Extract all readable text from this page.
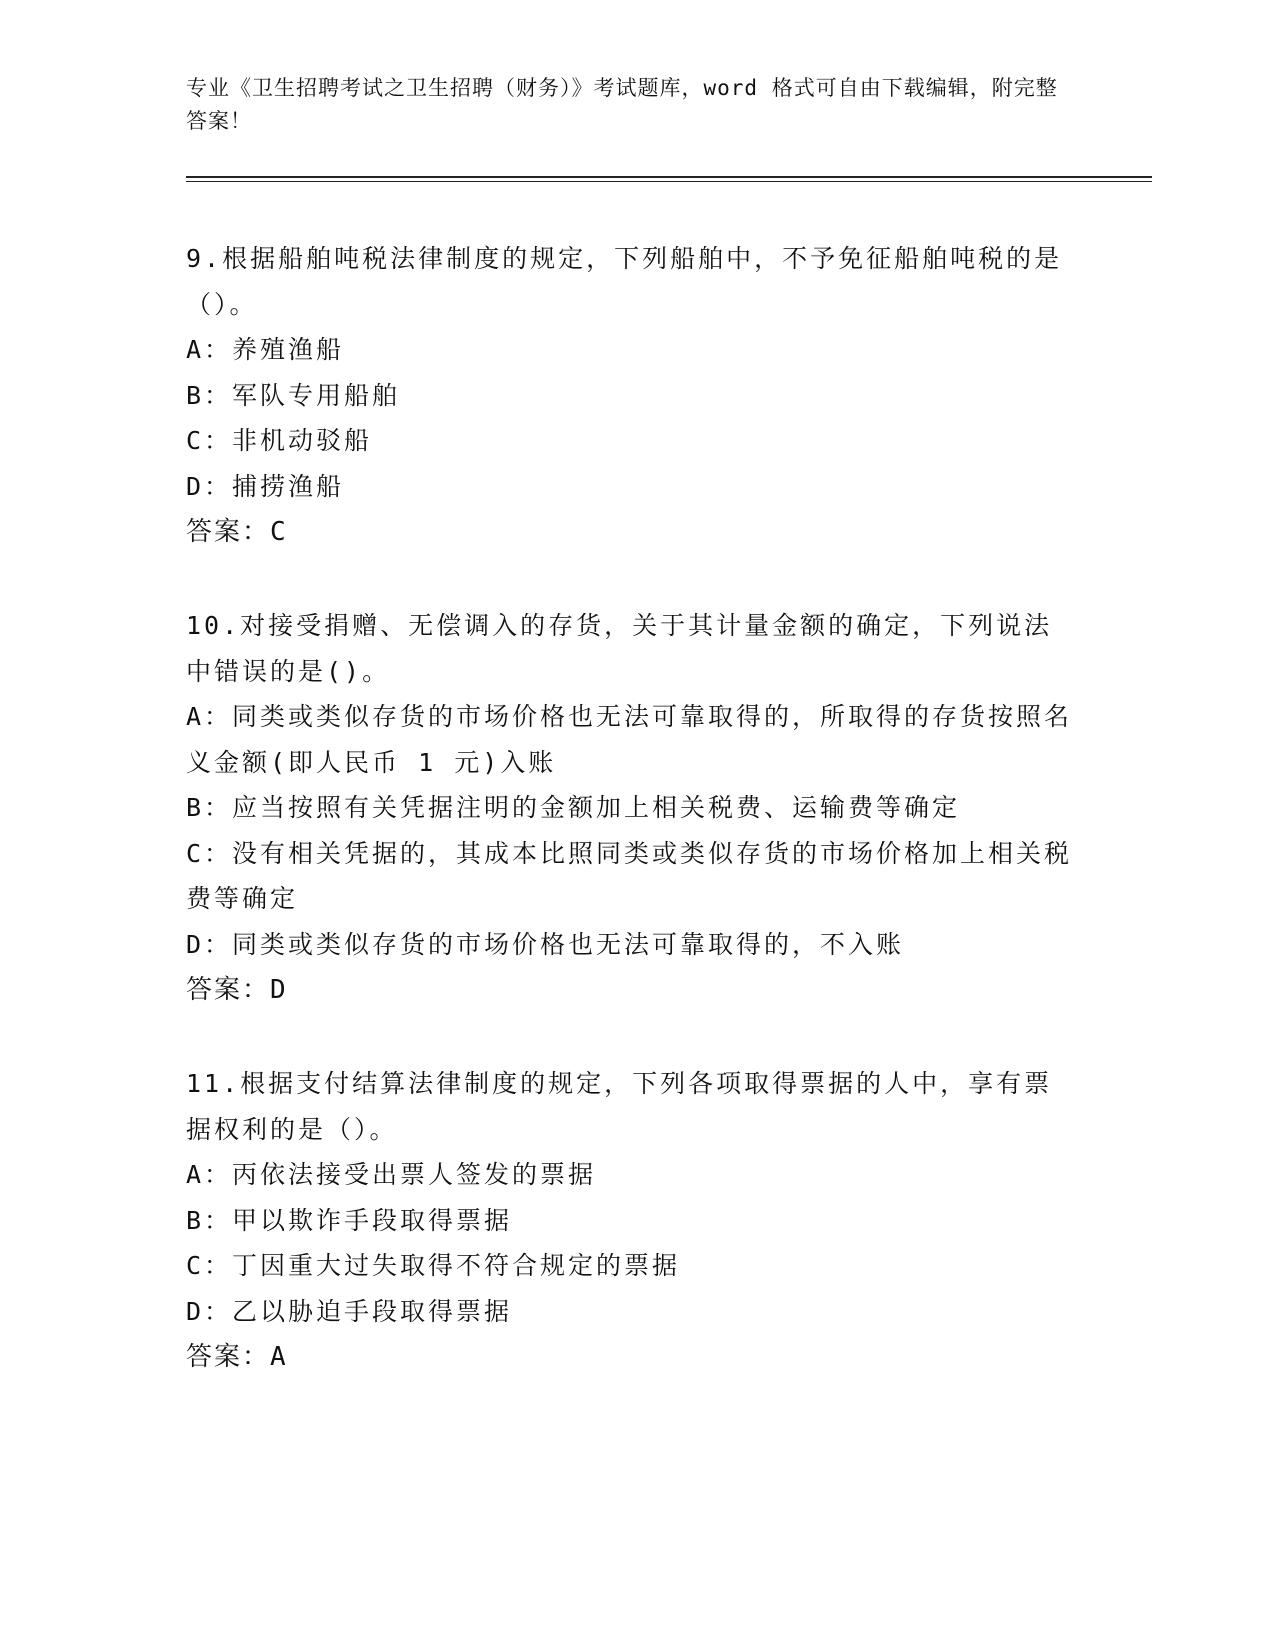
专业《卫生招聘考试之卫生招聘（财务）》考试题库，word 格式可自由下载编辑，附完整答案！
9.根据船舶吨税法律制度的规定，下列船舶中，不予免征船舶吨税的是（）。
A：养殖渔船
B：军队专用船舶
C：非机动驳船
D：捕捞渔船
答案：C
10.对接受捐赠、无偿调入的存货，关于其计量金额的确定，下列说法中错误的是()。
A：同类或类似存货的市场价格也无法可靠取得的，所取得的存货按照名义金额(即人民币 1 元)入账
B：应当按照有关凭据注明的金额加上相关税费、运输费等确定
C：没有相关凭据的，其成本比照同类或类似存货的市场价格加上相关税费等确定
D：同类或类似存货的市场价格也无法可靠取得的，不入账
答案：D
11.根据支付结算法律制度的规定，下列各项取得票据的人中，享有票据权利的是（）。
A：丙依法接受出票人签发的票据
B：甲以欺诈手段取得票据
C：丁因重大过失取得不符合规定的票据
D：乙以胁迫手段取得票据
答案：A
